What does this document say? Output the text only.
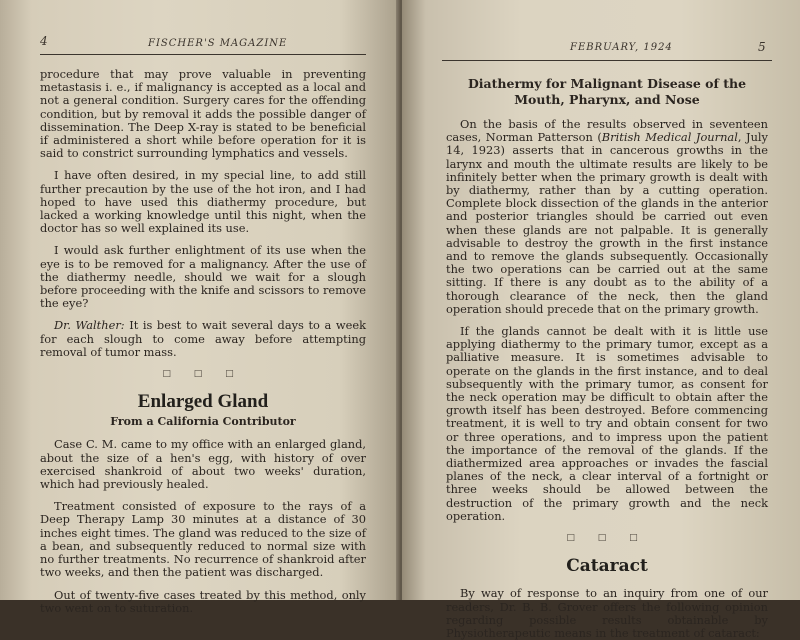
4	FISCHER'S MAGAZINE

procedure that may prove valuable in preventing metastasis i. e., if malignancy is accepted as a local and not a general condition. Surgery cares for the offending condition, but by removal it adds the possible danger of dissemination. The Deep X-ray is stated to be beneficial if administered a short while before operation for it is said to constrict surrounding lymphatics and vessels.

I have often desired, in my special line, to add still further precaution by the use of the hot iron, and I had hoped to have used this diathermy procedure, but lacked a working knowledge until this night, when the doctor has so well explained its use.

I would ask further enlightment of its use when the eye is to be removed for a malignancy. After the use of the diathermy needle, should we wait for a slough before proceeding with the knife and scissors to remove the eye?

Dr. Walther: It is best to wait several days to a week for each slough to come away before attempting removal of tumor mass.

□ □ □
Enlarged Gland
From a California Contributor

Case C. M. came to my office with an enlarged gland, about the size of a hen's egg, with history of over exercised shankroid of about two weeks' duration, which had previously healed.

Treatment consisted of exposure to the rays of a Deep Therapy Lamp 30 minutes at a distance of 30 inches eight times. The gland was reduced to the size of a bean, and subsequently reduced to normal size with no further treatments. No recurrence of shankroid after two weeks, and then the patient was discharged.

Out of twenty-five cases treated by this method, only two went on to suturation.

FEBRUARY, 1924	5
Diathermy for Malignant Disease of the Mouth, Pharynx, and Nose

On the basis of the results observed in seventeen cases, Norman Patterson (British Medical Journal, July 14, 1923) asserts that in cancerous growths in the larynx and mouth the ultimate results are likely to be infinitely better when the primary growth is dealt with by diathermy, rather than by a cutting operation. Complete block dissection of the glands in the anterior and posterior triangles should be carried out even when these glands are not palpable. It is generally advisable to destroy the growth in the first instance and to remove the glands subsequently. Occasionally the two operations can be carried out at the same sitting. If there is any doubt as to the ability of a thorough clearance of the neck, then the gland operation should precede that on the primary growth.

If the glands cannot be dealt with it is little use applying diathermy to the primary tumor, except as a palliative measure. It is sometimes advisable to operate on the glands in the first instance, and to deal subsequently with the primary tumor, as consent for the neck operation may be difficult to obtain after the growth itself has been destroyed. Before commencing treatment, it is well to try and obtain consent for two or three operations, and to impress upon the patient the importance of the removal of the glands. If the diathermized area approaches or invades the fascial planes of the neck, a clear interval of a fortnight or three weeks should be allowed between the destruction of the primary growth and the neck operation.

□ □ □
Cataract

By way of response to an inquiry from one of our readers, Dr. B. B. Grover offers the following opinion regarding possible results obtainable by Physiotherapeutic means in the treatment of cataract:
